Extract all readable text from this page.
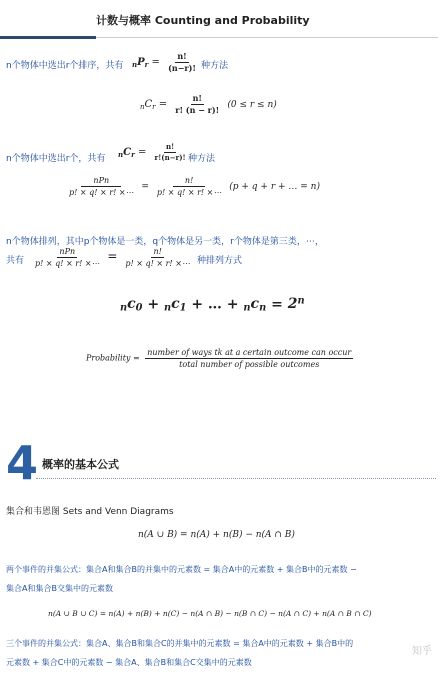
计数与概率 Counting and Probability
n个物体中选出r个排序，共有 $_nP_r = \frac{n!}{(n-r)!}$ 种方法
$_nC_r = \frac{n!}{r! (n - r)!} (0 \le r \le n)$
n个物体中选出r个，共有 $_nC_r = \frac{n!}{r!(n-r)!}$ 种方法
$\frac{\text{nPn}}{p! \times q! \times r! \times\cdots} = \frac{n!}{p! \times q! \times r! \times\cdots} (p + q + r$ + … = n)
n个物体排列，其中p个物体是一类，q个物体是另一类，r个物体是第三类，⋯，
共有 $\frac{\text{nPn}}{p! \times q! \times r! \times\cdots} = \frac{n!}{p! \times q! \times r! \times\cdots}$ 种排列方式
$_nc_0 + _nc_1$ + … + $_nc_n = 2^n$
Probability = $\frac{\text{number of ways tk at a certain outcome can occur}}{\text{total number of possible outcomes}}$
4 概率的基本公式
集合和韦恩图 Sets and Venn Diagrams
n(A ∪ B) = n(A) + n(B) − n(A ∩ B)
两个事件的并集公式：集合A和集合B的并集中的元素数 = 集合A中的元素数 + 集合B中的元素数 −
集合A和集合B交集中的元素数
n(A ∪ B ∪ C) = n(A) + n(B) + n(C) − n(A ∩ B) − n(B ∩ C) − n(A ∩ C) + n(A ∩ B ∩ C)
三个事件的并集公式：集合A、集合B和集合C的并集中的元素数 = 集合A中的元素数 + 集合B中的
元素数 + 集合C中的元素数 − 集合A、集合B和集合C交集中的元素数
知乎
